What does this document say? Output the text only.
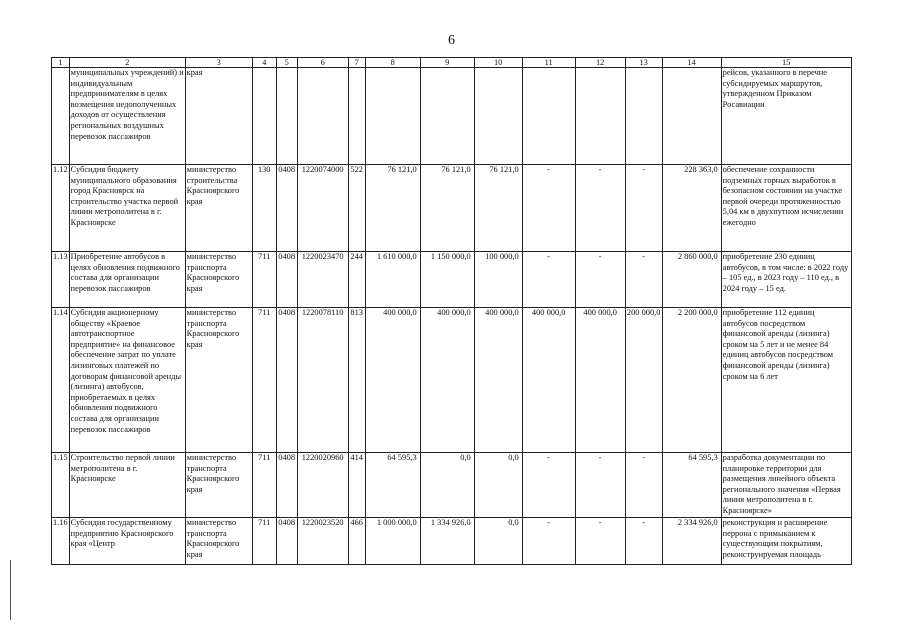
6
1	2	3	4	5	6	7	8	9	10	11	12	13	14	15
	муниципальных учреждений) и индивидуальным предпринимателям в целях возмещения недополученных доходов от осуществления региональных воздушных перевозок пассажиров	края												рейсов, указанного в перечне субсидируемых маршрутов, утвержденном Приказом Росавиации
1.12	Субсидия бюджету муниципального образования город Красноярск на строительство участка первой линии метрополитена в г. Красноярске	министерство строительства Красноярского края	130	0408	1220074000	522	76 121,0	76 121,0	76 121,0	-	-	-	228 363,0	обеспечение сохранности подземных горных выработок в безопасном состоянии на участке первой очереди протяженностью 5,04 км в двухпутном исчислении ежегодно
1.13	Приобретение автобусов в целях обновления подвижного состава для организации перевозок пассажиров	министерство транспорта Красноярского края	711	0408	1220023470	244	1 610 000,0	1 150 000,0	100 000,0	-	-	-	2 860 000,0	приобретение 230 единиц автобусов, в том числе: в 2022 году – 105 ед., в 2023 году – 110 ед., в 2024 году – 15 ед.
1.14	Субсидия акционерному обществу «Краевое автотранспортное предприятие» на финансовое обеспечение затрат по уплате лизинговых платежей по договорам финансовой аренды (лизинга) автобусов, приобретаемых в целях обновления подвижного состава для организации перевозок пассажиров	министерство транспорта Красноярского края	711	0408	1220078110	813	400 000,0	400 000,0	400 000,0	400 000,0	400 000,0	200 000,0	2 200 000,0	приобретение 112 единиц автобусов посредством финансовой аренды (лизинга) сроком на 5 лет и не менее 84 единиц автобусов посредством финансовой аренды (лизинга) сроком на 6 лет
1.15	Строительство первой линии метрополитена в г. Красноярске	министерство транспорта Красноярского края	711	0408	1220020960	414	64 595,3	0,0	0,0	-	-	-	64 595,3	разработка документации по планировке территории для размещения линейного объекта регионального значения «Первая линия метрополитена в г. Красноярске»
1.16	Субсидия государственному предприятию Красноярского края «Центр	министерство транспорта Красноярского края	711	0408	1220023520	466	1 000 000,0	1 334 926,0	0,0	-	-	-	2 334 926,0	реконструкция и расширение перрона с примыканием к существующим покрытиям, реконструируемая площадь
